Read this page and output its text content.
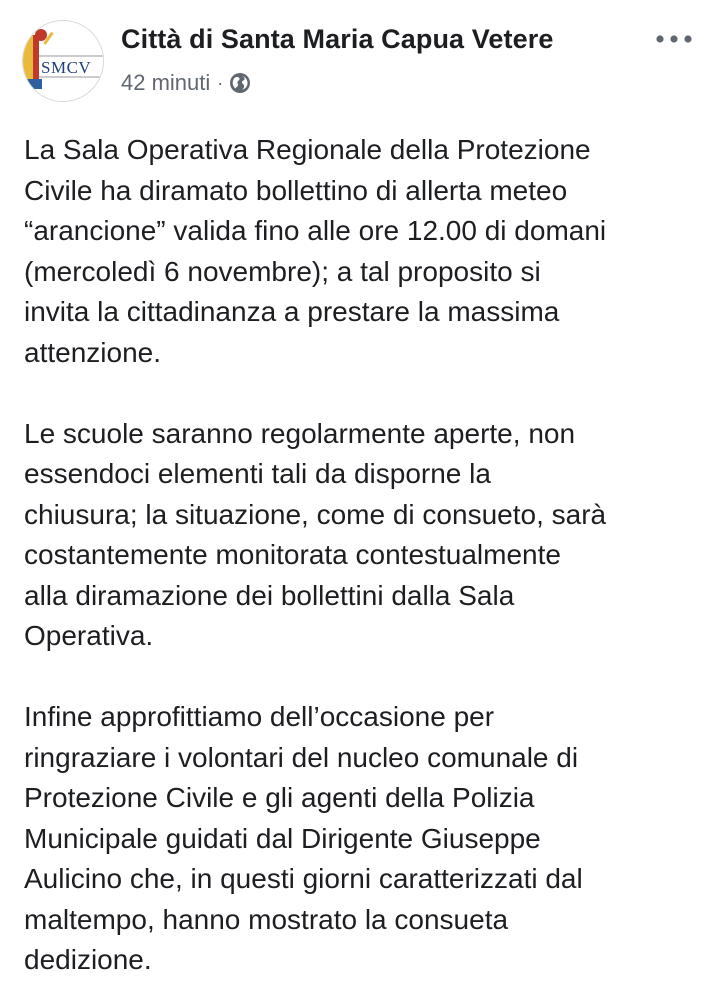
SMCV
Città di Santa Maria Capua Vetere
42 minuti ·

La Sala Operativa Regionale della Protezione
Civile ha diramato bollettino di allerta meteo
“arancione” valida fino alle ore 12.00 di domani
(mercoledì 6 novembre); a tal proposito si
invita la cittadinanza a prestare la massima
attenzione.

Le scuole saranno regolarmente aperte, non
essendoci elementi tali da disporne la
chiusura; la situazione, come di consueto, sarà
costantemente monitorata contestualmente
alla diramazione dei bollettini dalla Sala
Operativa.

Infine approfittiamo dell’occasione per
ringraziare i volontari del nucleo comunale di
Protezione Civile e gli agenti della Polizia
Municipale guidati dal Dirigente Giuseppe
Aulicino che, in questi giorni caratterizzati dal
maltempo, hanno mostrato la consueta
dedizione.
